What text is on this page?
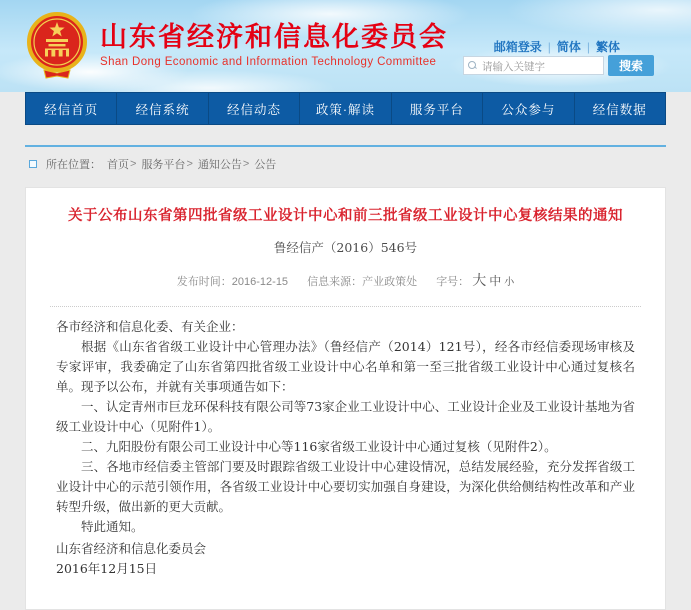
山东省经济和信息化委员会
Shan Dong Economic and Information Technology Committee
邮箱登录 | 简体 | 繁体
请输入关键字
搜索
经信首页	经信系统	经信动态	政策·解读	服务平台	公众参与	经信数据
所在位置： 首页 > 服务平台 > 通知公告 > 公告
关于公布山东省第四批省级工业设计中心和前三批省级工业设计中心复核结果的通知
鲁经信产（2016）546号
发布时间：2016-12-15 信息来源：产业政策处 字号： 大 中 小

各市经济和信息化委、有关企业：

根据《山东省省级工业设计中心管理办法》（鲁经信产（2014）121号），经各市经信委现场审核及专家评审，我委确定了山东省第四批省级工业设计中心名单和第一至三批省级工业设计中心通过复核名单。现予以公布，并就有关事项通告如下：

一、认定青州市巨龙环保科技有限公司等73家企业工业设计中心、工业设计企业及工业设计基地为省级工业设计中心（见附件1）。

二、九阳股份有限公司工业设计中心等116家省级工业设计中心通过复核（见附件2）。

三、各地市经信委主管部门要及时跟踪省级工业设计中心建设情况，总结发展经验，充分发挥省级工业设计中心的示范引领作用，各省级工业设计中心要切实加强自身建设，为深化供给侧结构性改革和产业转型升级，做出新的更大贡献。

特此通知。

山东省经济和信息化委员会

2016年12月15日
